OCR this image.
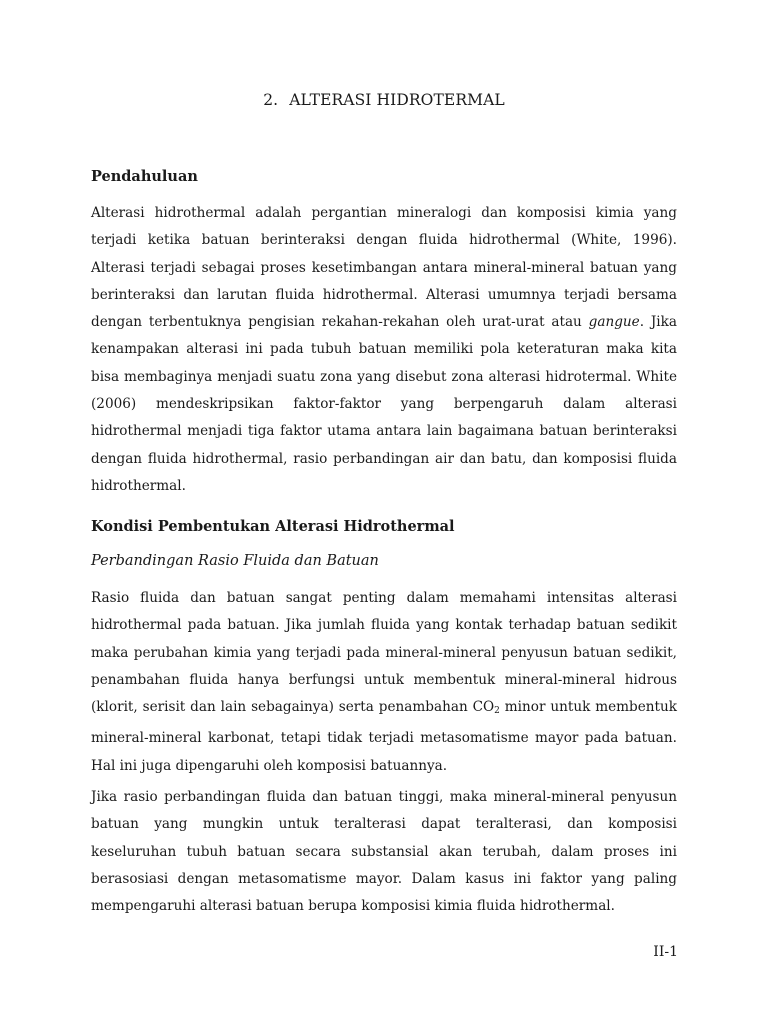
2. ALTERASI HIDROTERMAL
Pendahuluan

Alterasi hidrothermal adalah pergantian mineralogi dan komposisi kimia yang terjadi ketika batuan berinteraksi dengan fluida hidrothermal (White, 1996). Alterasi terjadi sebagai proses kesetimbangan antara mineral-mineral batuan yang berinteraksi dan larutan fluida hidrothermal. Alterasi umumnya terjadi bersama dengan terbentuknya pengisian rekahan-rekahan oleh urat-urat atau gangue. Jika kenampakan alterasi ini pada tubuh batuan memiliki pola keteraturan maka kita bisa membaginya menjadi suatu zona yang disebut zona alterasi hidrotermal. White (2006) mendeskripsikan faktor-faktor yang berpengaruh dalam alterasi hidrothermal menjadi tiga faktor utama antara lain bagaimana batuan berinteraksi dengan fluida hidrothermal, rasio perbandingan air dan batu, dan komposisi fluida hidrothermal.

Kondisi Pembentukan Alterasi Hidrothermal
Perbandingan Rasio Fluida dan Batuan

Rasio fluida dan batuan sangat penting dalam memahami intensitas alterasi hidrothermal pada batuan. Jika jumlah fluida yang kontak terhadap batuan sedikit maka perubahan kimia yang terjadi pada mineral-mineral penyusun batuan sedikit, penambahan fluida hanya berfungsi untuk membentuk mineral-mineral hidrous (klorit, serisit dan lain sebagainya) serta penambahan $CO_2$ minor untuk membentuk mineral-mineral karbonat, tetapi tidak terjadi metasomatisme mayor pada batuan. Hal ini juga dipengaruhi oleh komposisi batuannya.

Jika rasio perbandingan fluida dan batuan tinggi, maka mineral-mineral penyusun batuan yang mungkin untuk teralterasi dapat teralterasi, dan komposisi keseluruhan tubuh batuan secara substansial akan terubah, dalam proses ini berasosiasi dengan metasomatisme mayor. Dalam kasus ini faktor yang paling mempengaruhi alterasi batuan berupa komposisi kimia fluida hidrothermal.

II-1
